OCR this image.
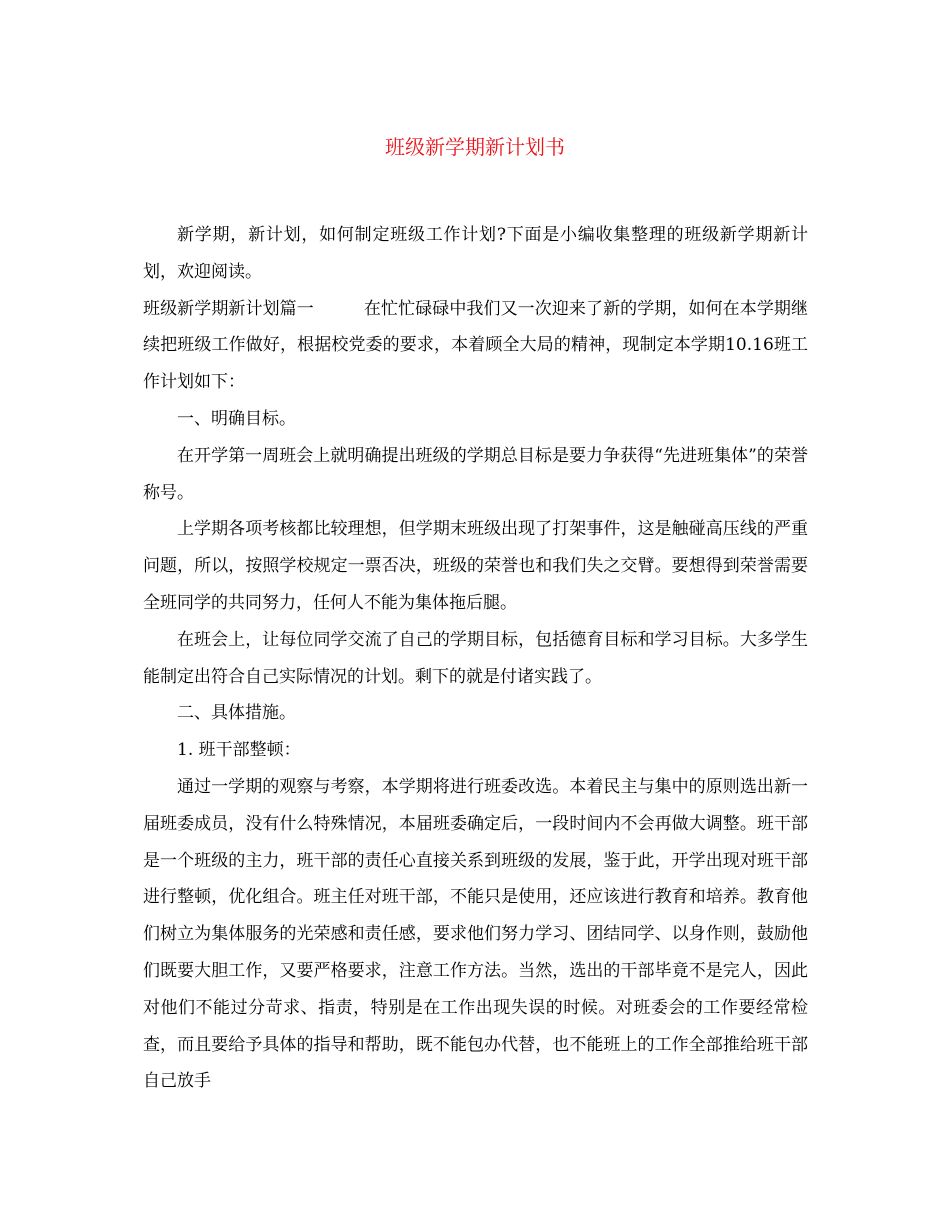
班级新学期新计划书

新学期，新计划，如何制定班级工作计划?下面是小编收集整理的班级新学期新计划，欢迎阅读。

班级新学期新计划篇一	在忙忙碌碌中我们又一次迎来了新的学期，如何在本学期继续把班级工作做好，根据校党委的要求，本着顾全大局的精神，现制定本学期10.16班工作计划如下：

一、明确目标。

在开学第一周班会上就明确提出班级的学期总目标是要力争获得“先进班集体”的荣誉称号。

上学期各项考核都比较理想，但学期末班级出现了打架事件，这是触碰高压线的严重问题，所以，按照学校规定一票否决，班级的荣誉也和我们失之交臂。要想得到荣誉需要全班同学的共同努力，任何人不能为集体拖后腿。

在班会上，让每位同学交流了自己的学期目标，包括德育目标和学习目标。大多学生能制定出符合自己实际情况的计划。剩下的就是付诸实践了。

二、具体措施。

1. 班干部整顿：

通过一学期的观察与考察，本学期将进行班委改选。本着民主与集中的原则选出新一届班委成员，没有什么特殊情况，本届班委确定后，一段时间内不会再做大调整。班干部是一个班级的主力，班干部的责任心直接关系到班级的发展，鉴于此，开学出现对班干部进行整顿，优化组合。班主任对班干部，不能只是使用，还应该进行教育和培养。教育他们树立为集体服务的光荣感和责任感，要求他们努力学习、团结同学、以身作则，鼓励他们既要大胆工作，又要严格要求，注意工作方法。当然，选出的干部毕竟不是完人，因此对他们不能过分苛求、指责，特别是在工作出现失误的时候。对班委会的工作要经常检查，而且要给予具体的指导和帮助，既不能包办代替，也不能班上的工作全部推给班干部自己放手
